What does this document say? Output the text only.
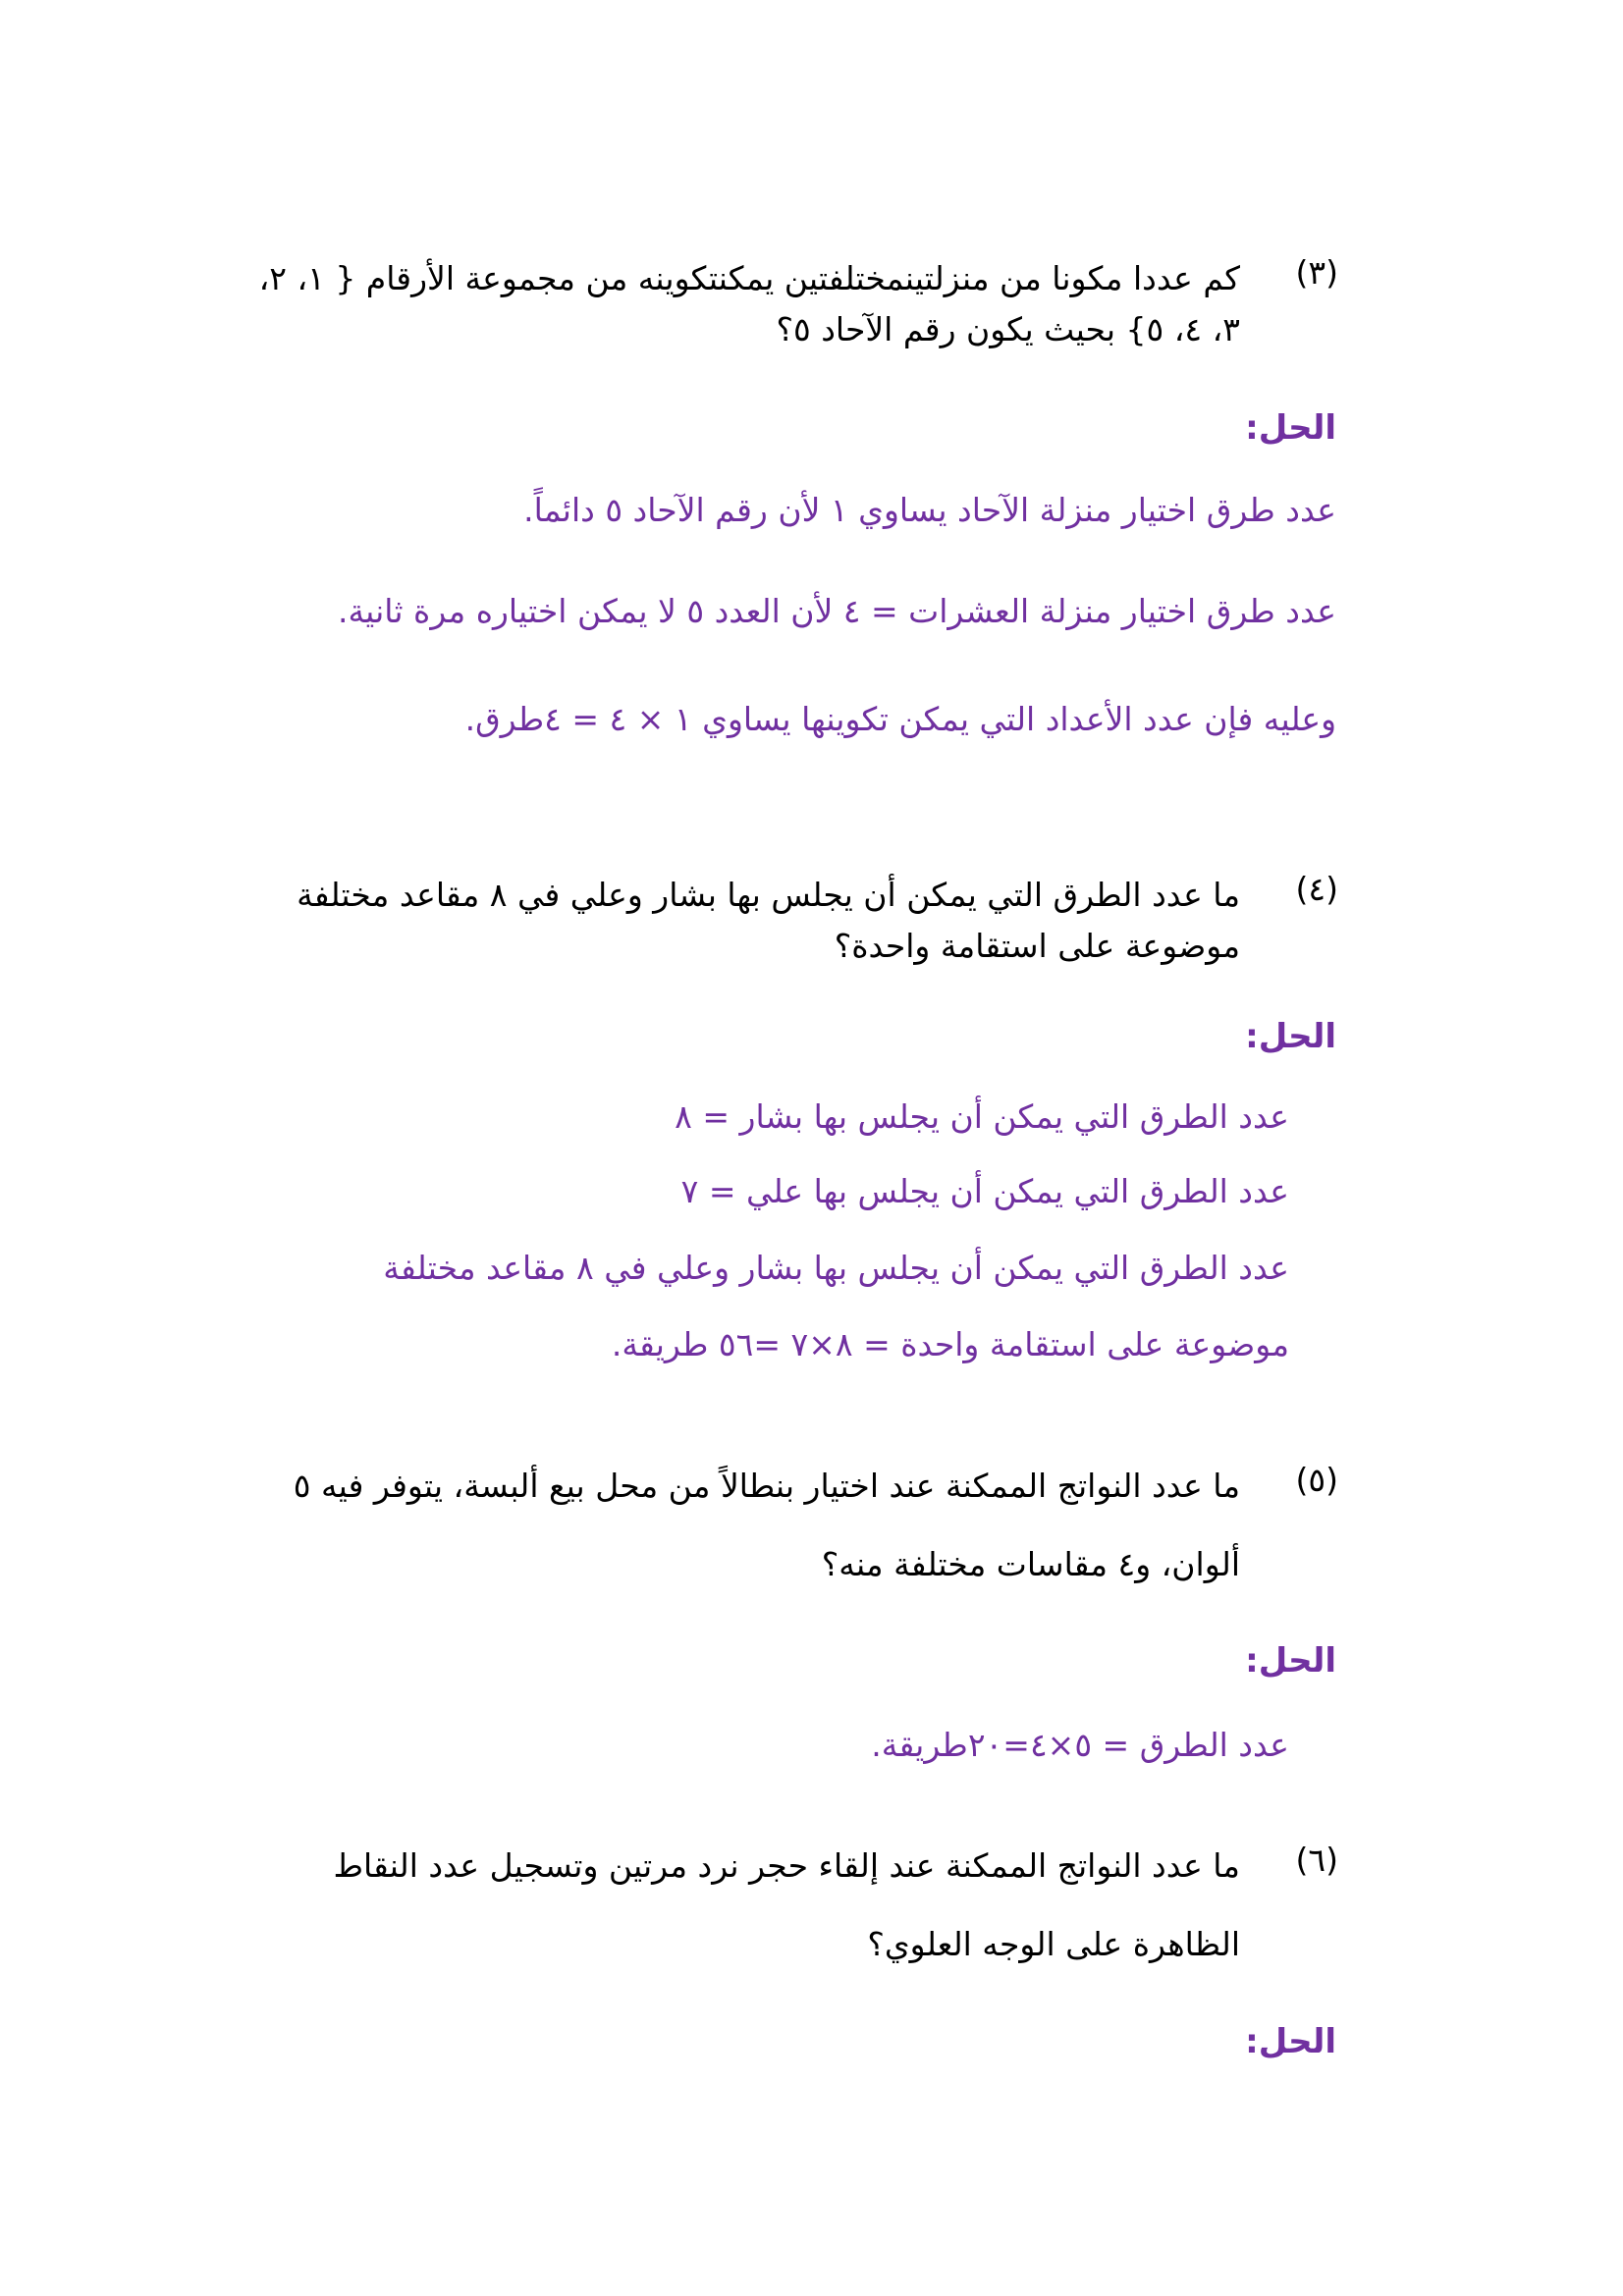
(٣)
كم عددا مكونا من منزلتينمختلفتين يمكنتكوينه من مجموعة الأرقام { ١، ٢، ٣، ٤، ٥} بحيث يكون رقم الآحاد ٥؟
الحل:
عدد طرق اختيار منزلة الآحاد يساوي ١ لأن رقم الآحاد ٥ دائماً.
عدد طرق اختيار منزلة العشرات = ٤ لأن العدد ٥ لا يمكن اختياره مرة ثانية.
وعليه فإن عدد الأعداد التي يمكن تكوينها يساوي ١ × ٤ = ٤طرق.
(٤)
ما عدد الطرق التي يمكن أن يجلس بها بشار وعلي في ٨ مقاعد مختلفة موضوعة على استقامة واحدة؟
الحل:
عدد الطرق التي يمكن أن يجلس بها بشار = ٨
عدد الطرق التي يمكن أن يجلس بها علي = ٧
عدد الطرق التي يمكن أن يجلس بها بشار وعلي في ٨ مقاعد مختلفة
موضوعة على استقامة واحدة = ٨×٧ =٥٦ طريقة.
(٥)
ما عدد النواتج الممكنة عند اختيار بنطالاً من محل بيع ألبسة، يتوفر فيه ٥ ألوان، و٤ مقاسات مختلفة منه؟
الحل:
عدد الطرق = ٥×٤=٢٠طريقة.
(٦)
ما عدد النواتج الممكنة عند إلقاء حجر نرد مرتين وتسجيل عدد النقاط الظاهرة على الوجه العلوي؟
الحل:
